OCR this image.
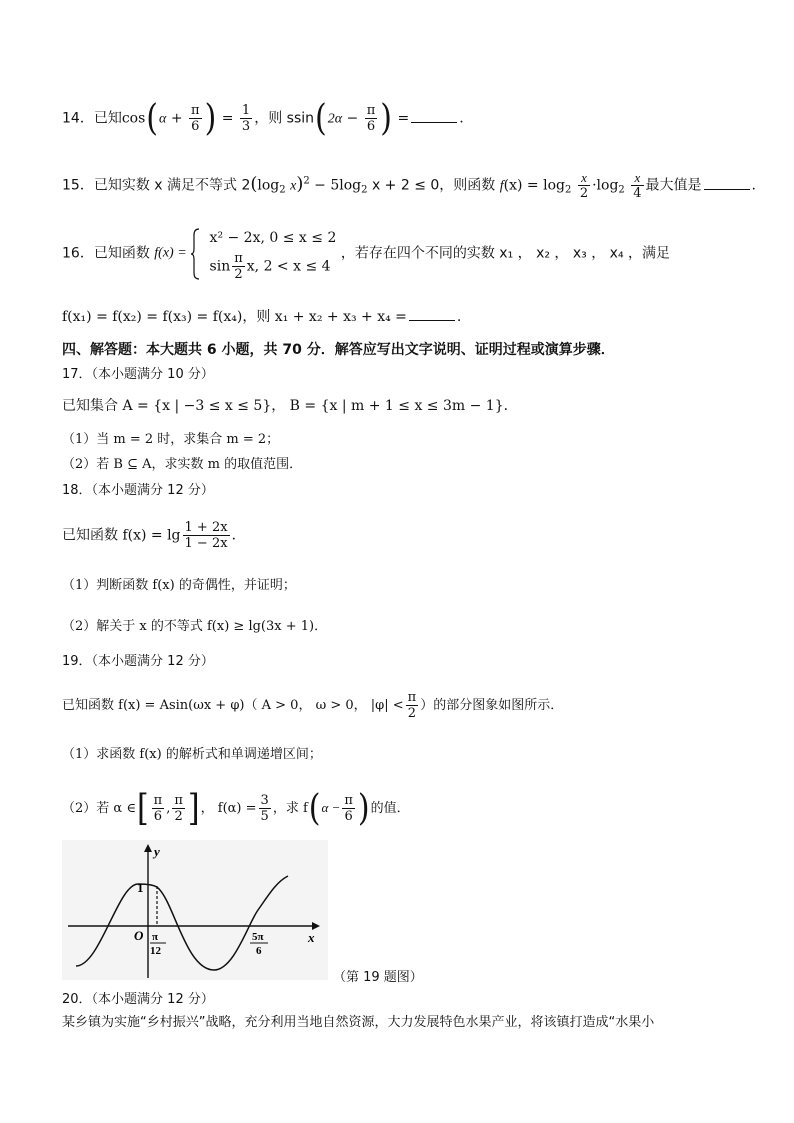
14．已知$\cos(\alpha + \frac{\pi}{6}$ ) = $\frac{1}{3}$ ，则 $ssin(2\alpha - \frac{\pi}{6}$ ) =	.
15．已知实数 x 满足不等式 $2(\log_2$ $x)^2 - 5\log_2$ x + 2 ≤ 0，则函数 $f(x) = \log_2 \frac{x}{2} \cdot\log_2 \frac{x}{4}$ 最大值是	.
16．已知函数 f(x) =
x² − 2x, 0 ≤ x ≤ 2
$\sin \frac{\pi}{2} x$, 2 < x ≤ 4
，若存在四个不同的实数 x₁ ， x₂ ， x₃ ， x₄ ，满足
f(x₁) = f(x₂) = f(x₃) = f(x₄)，则 x₁ + x₂ + x₃ + x₄ =	.
四、解答题：本大题共 6 小题，共 70 分．解答应写出文字说明、证明过程或演算步骤．
17．（本小题满分 10 分）
已知集合 A = {x | −3 ≤ x ≤ 5}， B = {x | m + 1 ≤ x ≤ 3m − 1}．
（1）当 m = 2 时，求集合 m = 2；
（2）若 B ⊆ A，求实数 m 的取值范围．
18．（本小题满分 12 分）
已知函数 $f(x) = \lg \frac{1 + 2x}{1 - 2x}$ ．
（1）判断函数 f(x) 的奇偶性，并证明；
（2）解关于 x 的不等式 f(x) ≥ lg(3x + 1)．
19．（本小题满分 12 分）
已知函数 f(x) = Asin(ωx + φ)（ A > 0， ω > 0， $|\varphi| < \frac{\pi}{2}$ ）的部分图象如图所示．
（1）求函数 f(x) 的解析式和单调递增区间；
（2）若 α ∈[ $\frac{\pi}{6}$ , $\frac{\pi}{2}$ ]， $f(\alpha) = \frac{3}{5}$ ，求 $f(\alpha - \frac{\pi}{6}$ )的值．
y
x
O
1
π
12
5π
6
（第 19 题图）
20．（本小题满分 12 分）
某乡镇为实施“乡村振兴”战略，充分利用当地自然资源，大力发展特色水果产业，将该镇打造成“水果小
